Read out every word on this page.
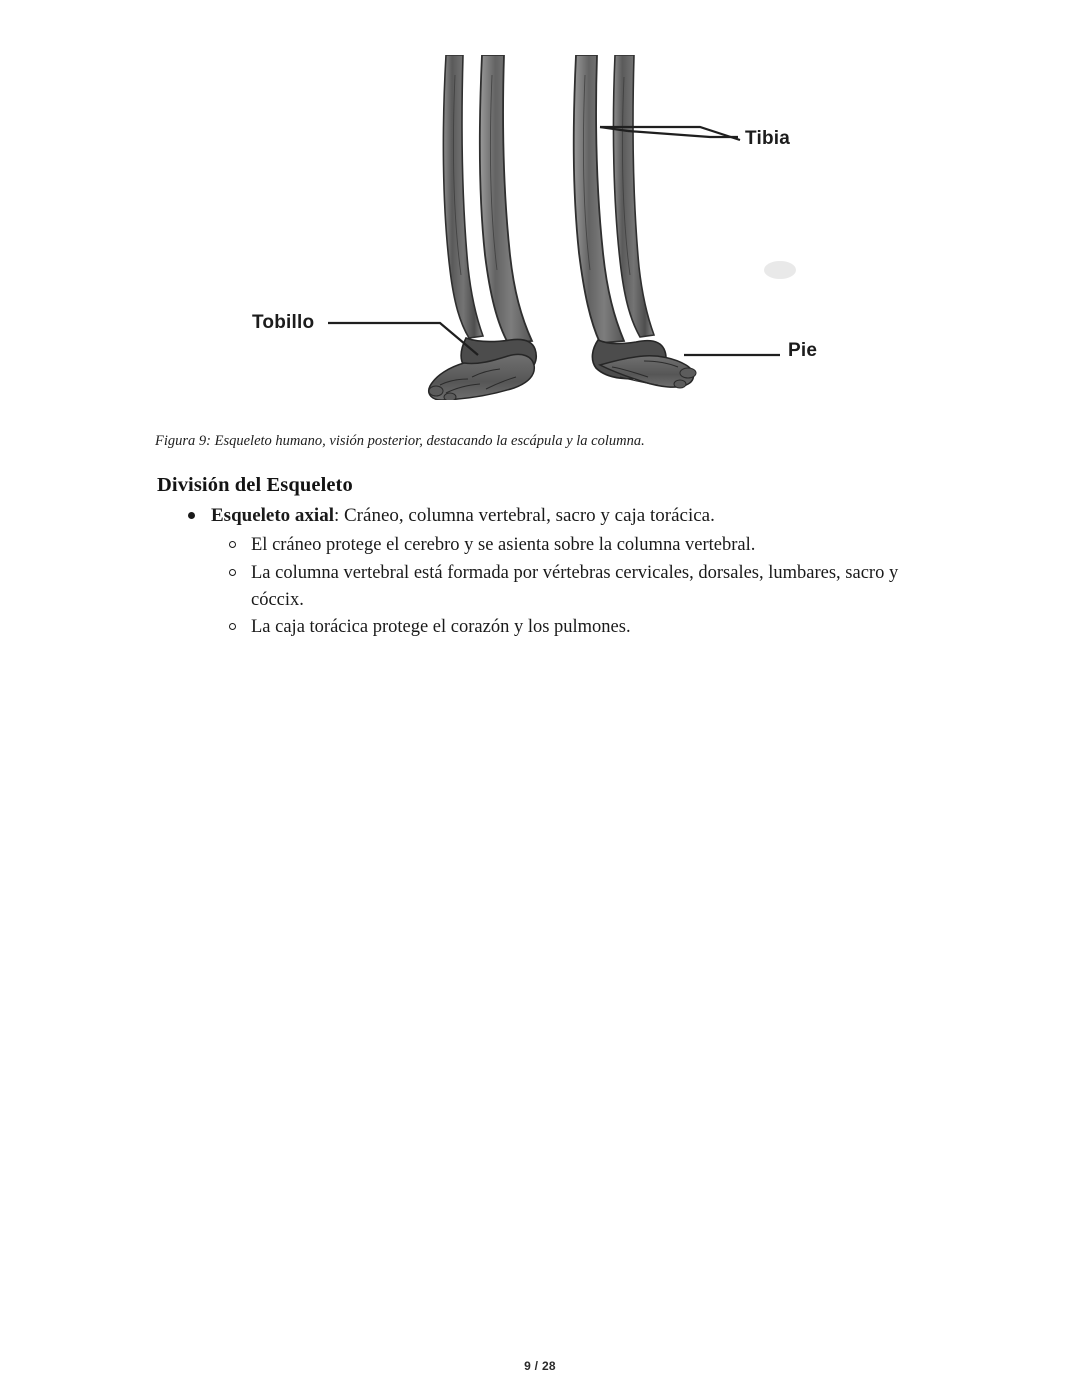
Tibia
Pie
Tobillo
Figura 9: Esqueleto humano, visión posterior, destacando la escápula y la columna.
División del Esqueleto
Esqueleto axial: Cráneo, columna vertebral, sacro y caja torácica.
El cráneo protege el cerebro y se asienta sobre la columna vertebral.
La columna vertebral está formada por vértebras cervicales, dorsales, lumbares, sacro y cóccix.
La caja torácica protege el corazón y los pulmones.
9 / 28
